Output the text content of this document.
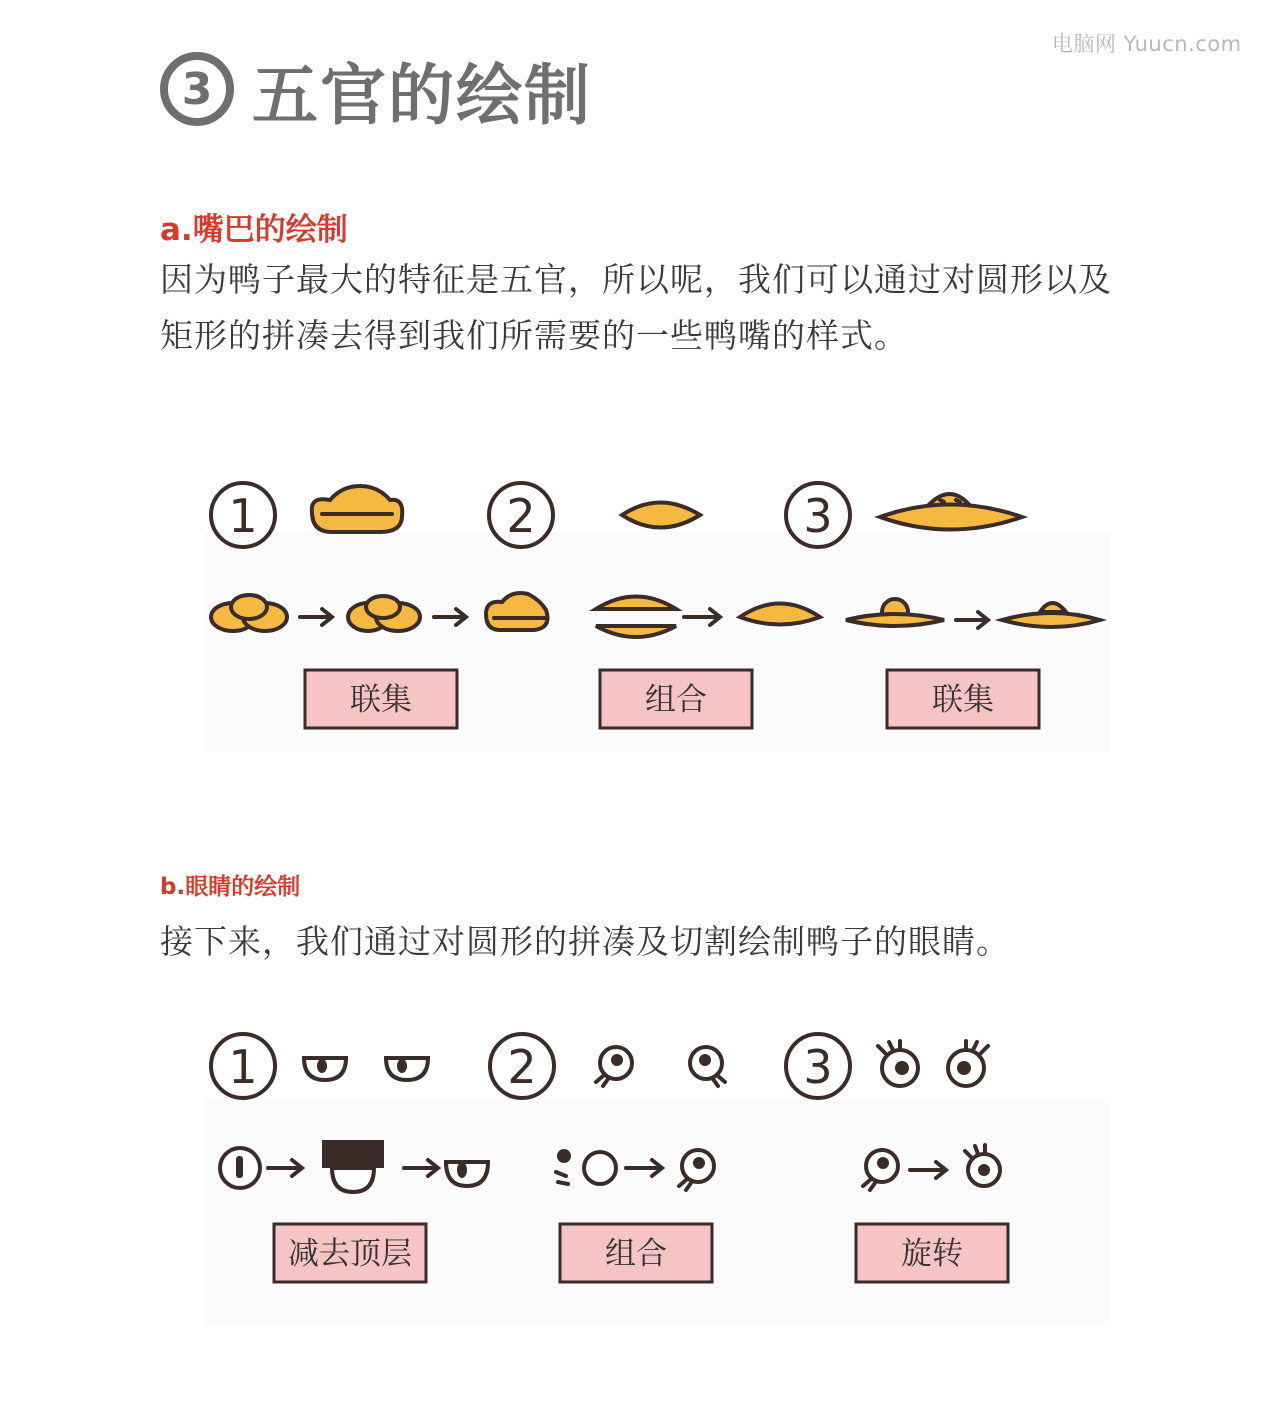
电脑网 Yuucn.com
3 五官的绘制
a.嘴巴的绘制
因为鸭子最大的特征是五官，所以呢，我们可以通过对圆形以及矩形的拼凑去得到我们所需要的一些鸭嘴的样式。
1	2	3
联集	组合	联集
b.眼睛的绘制
接下来，我们通过对圆形的拼凑及切割绘制鸭子的眼睛。
1	2	3
减去顶层	组合	旋转
